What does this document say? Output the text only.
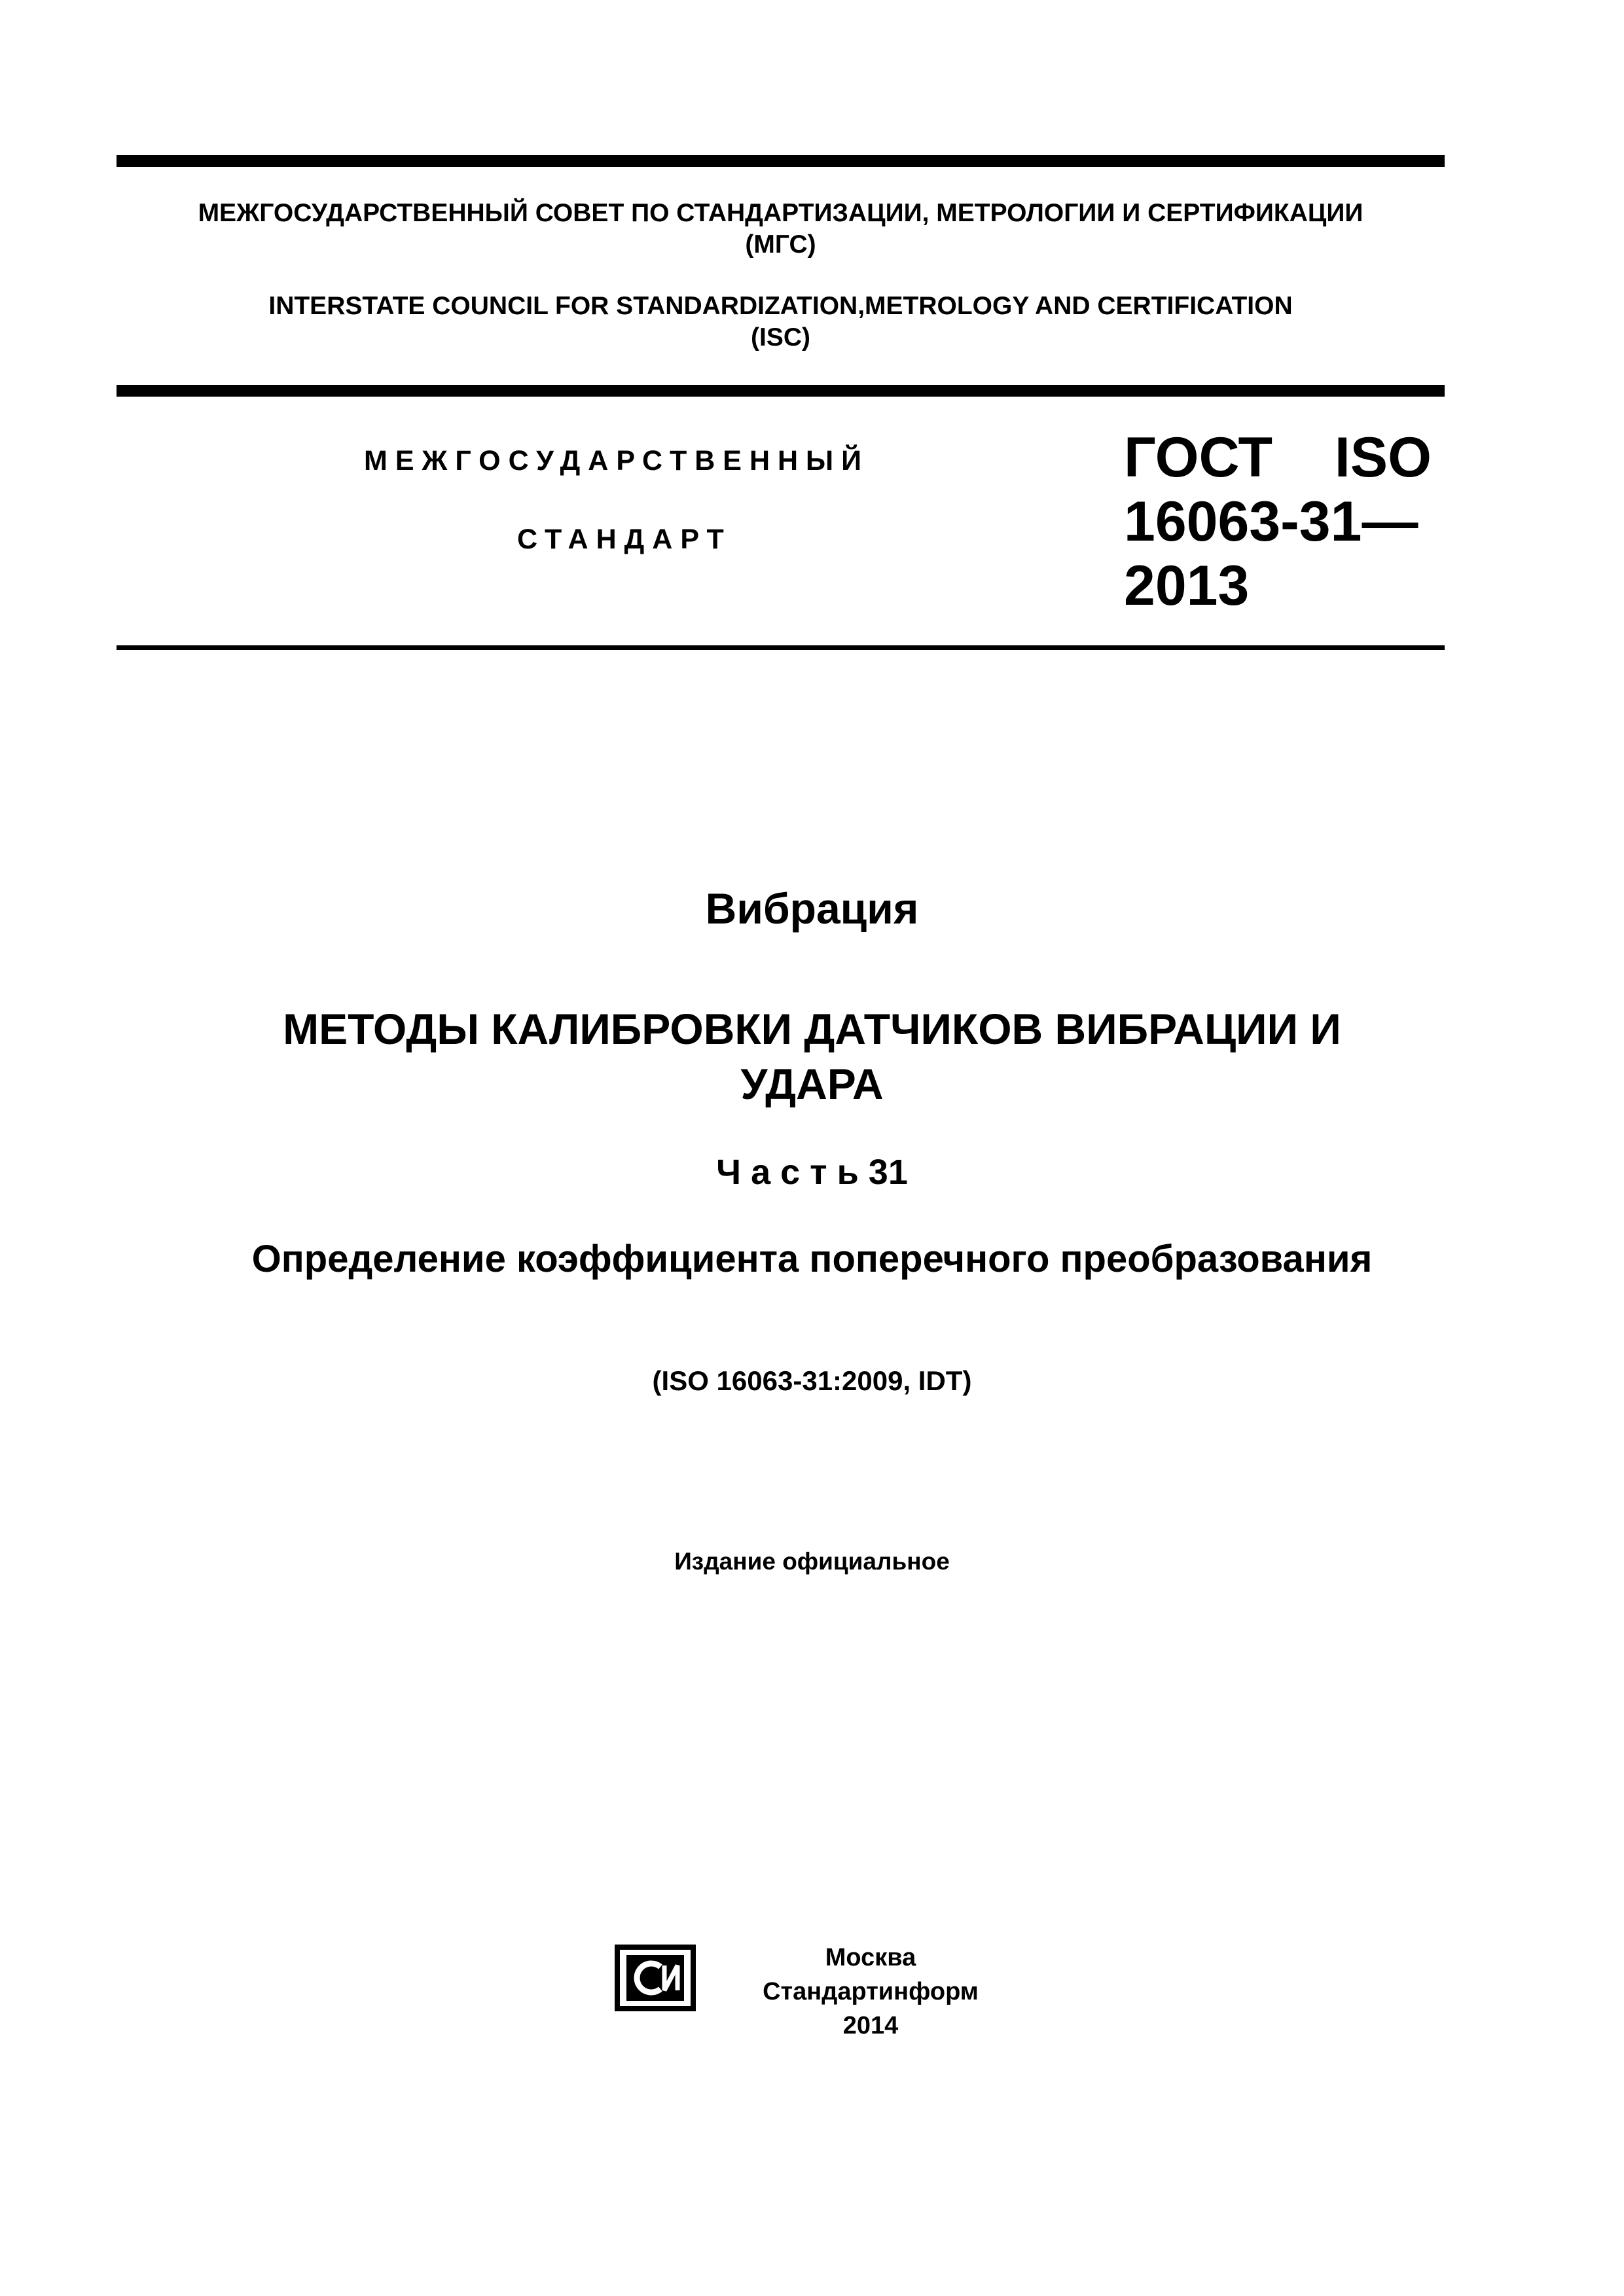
МЕЖГОСУДАРСТВЕННЫЙ СОВЕТ ПО СТАНДАРТИЗАЦИИ, МЕТРОЛОГИИ И СЕРТИФИКАЦИИ
(МГС)
INTERSTATE COUNCIL FOR STANDARDIZATION,METROLOGY AND CERTIFICATION
(ISC)
МЕЖГОСУДАРСТВЕННЫЙ
СТАНДАРТ
ГОСТ ISO
16063-31—
2013
Вибрация
МЕТОДЫ КАЛИБРОВКИ ДАТЧИКОВ ВИБРАЦИИ И
УДАРА
Ч а с т ь 31
Определение коэффициента поперечного преобразования
(ISO 16063-31:2009, IDT)
Издание официальное
Москва
Стандартинформ
2014
